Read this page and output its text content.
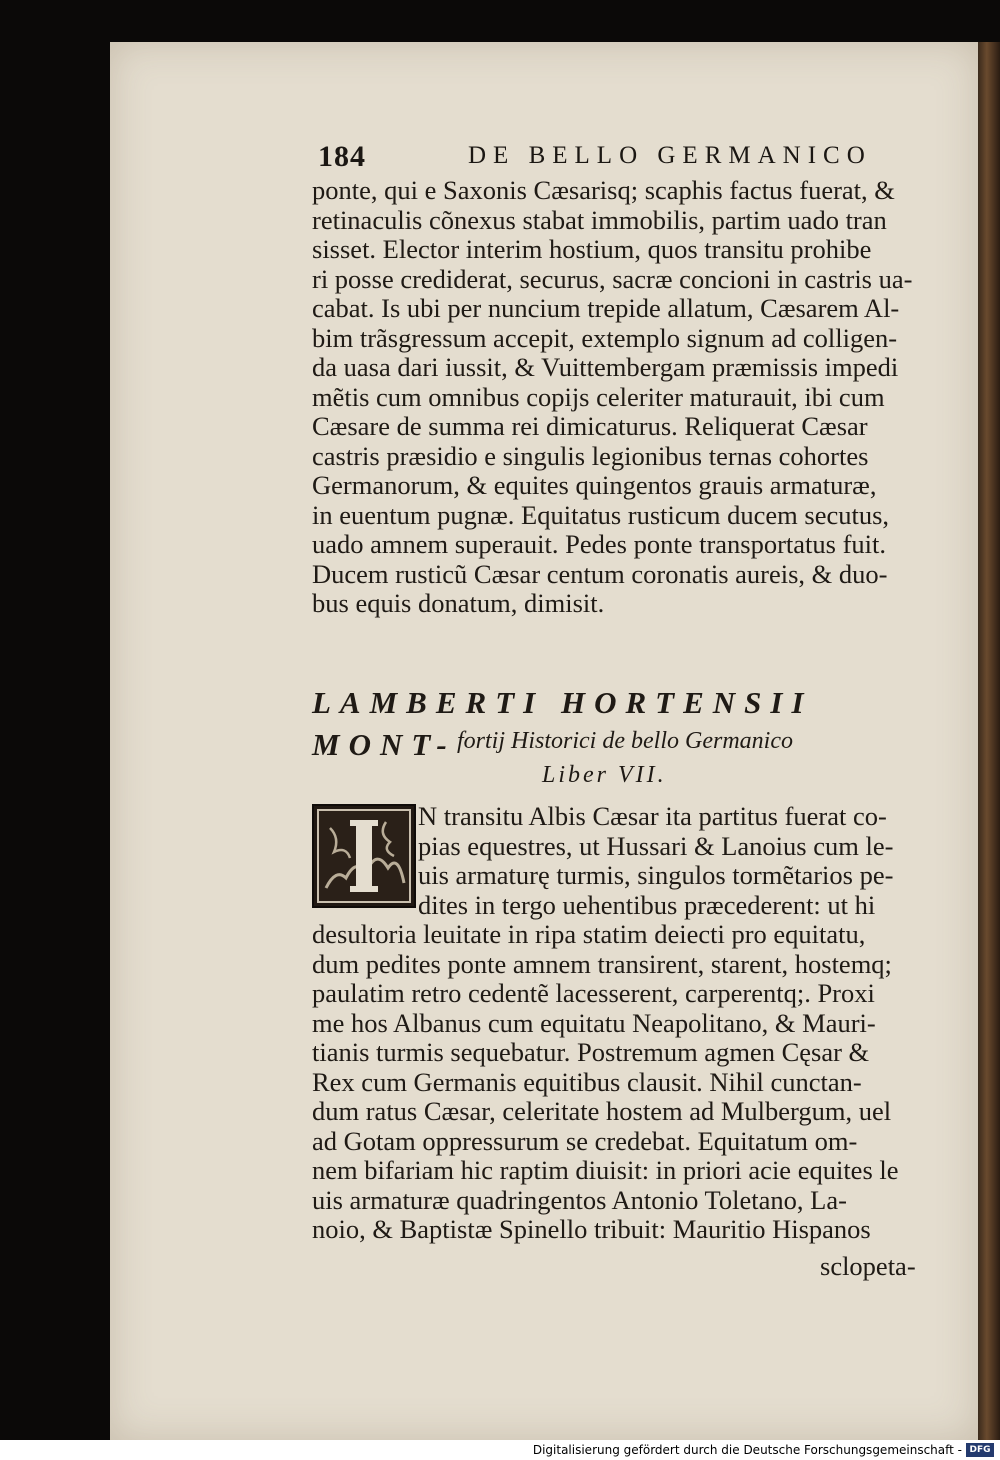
184	DE BELLO GERMANICO
ponte, qui e Saxonis Cæsarisq; scaphis factus fuerat, &
retinaculis cõnexus stabat immobilis, partim uado tran
sisset. Elector interim hostium, quos transitu prohibe
ri posse crediderat, securus, sacræ concioni in castris ua-
cabat. Is ubi per nuncium trepide allatum, Cæsarem Al-
bim trãsgressum accepit, extemplo signum ad colligen-
da uasa dari iussit, & Vuittembergam præmissis impedi
mẽtis cum omnibus copijs celeriter maturauit, ibi cum
Cæsare de summa rei dimicaturus. Reliquerat Cæsar
castris præsidio e singulis legionibus ternas cohortes
Germanorum, & equites quingentos grauis armaturæ,
in euentum pugnæ. Equitatus rusticum ducem secutus,
uado amnem superauit. Pedes ponte transportatus fuit.
Ducem rusticũ Cæsar centum coronatis aureis, & duo-
bus equis donatum, dimisit.
LAMBERTI HORTENSII MONT- fortij Historici de bello Germanico
Liber VII.
N transitu Albis Cæsar ita partitus fuerat co-
pias equestres, ut Hussari & Lanoius cum le-
uis armaturę turmis, singulos tormẽtarios pe-
dites in tergo uehentibus præcederent: ut hi
desultoria leuitate in ripa statim deiecti pro equitatu,
dum pedites ponte amnem transirent, starent, hostemq;
paulatim retro cedentẽ lacesserent, carperentq;. Proxi
me hos Albanus cum equitatu Neapolitano, & Mauri-
tianis turmis sequebatur. Postremum agmen Cęsar &
Rex cum Germanis equitibus clausit. Nihil cunctan-
dum ratus Cæsar, celeritate hostem ad Mulbergum, uel
ad Gotam oppressurum se credebat. Equitatum om-
nem bifariam hic raptim diuisit: in priori acie equites le
uis armaturæ quadringentos Antonio Toletano, La-
noio, & Baptistæ Spinello tribuit: Mauritio Hispanos
sclopeta-
Digitalisierung gefördert durch die Deutsche Forschungsgemeinschaft - DFG
